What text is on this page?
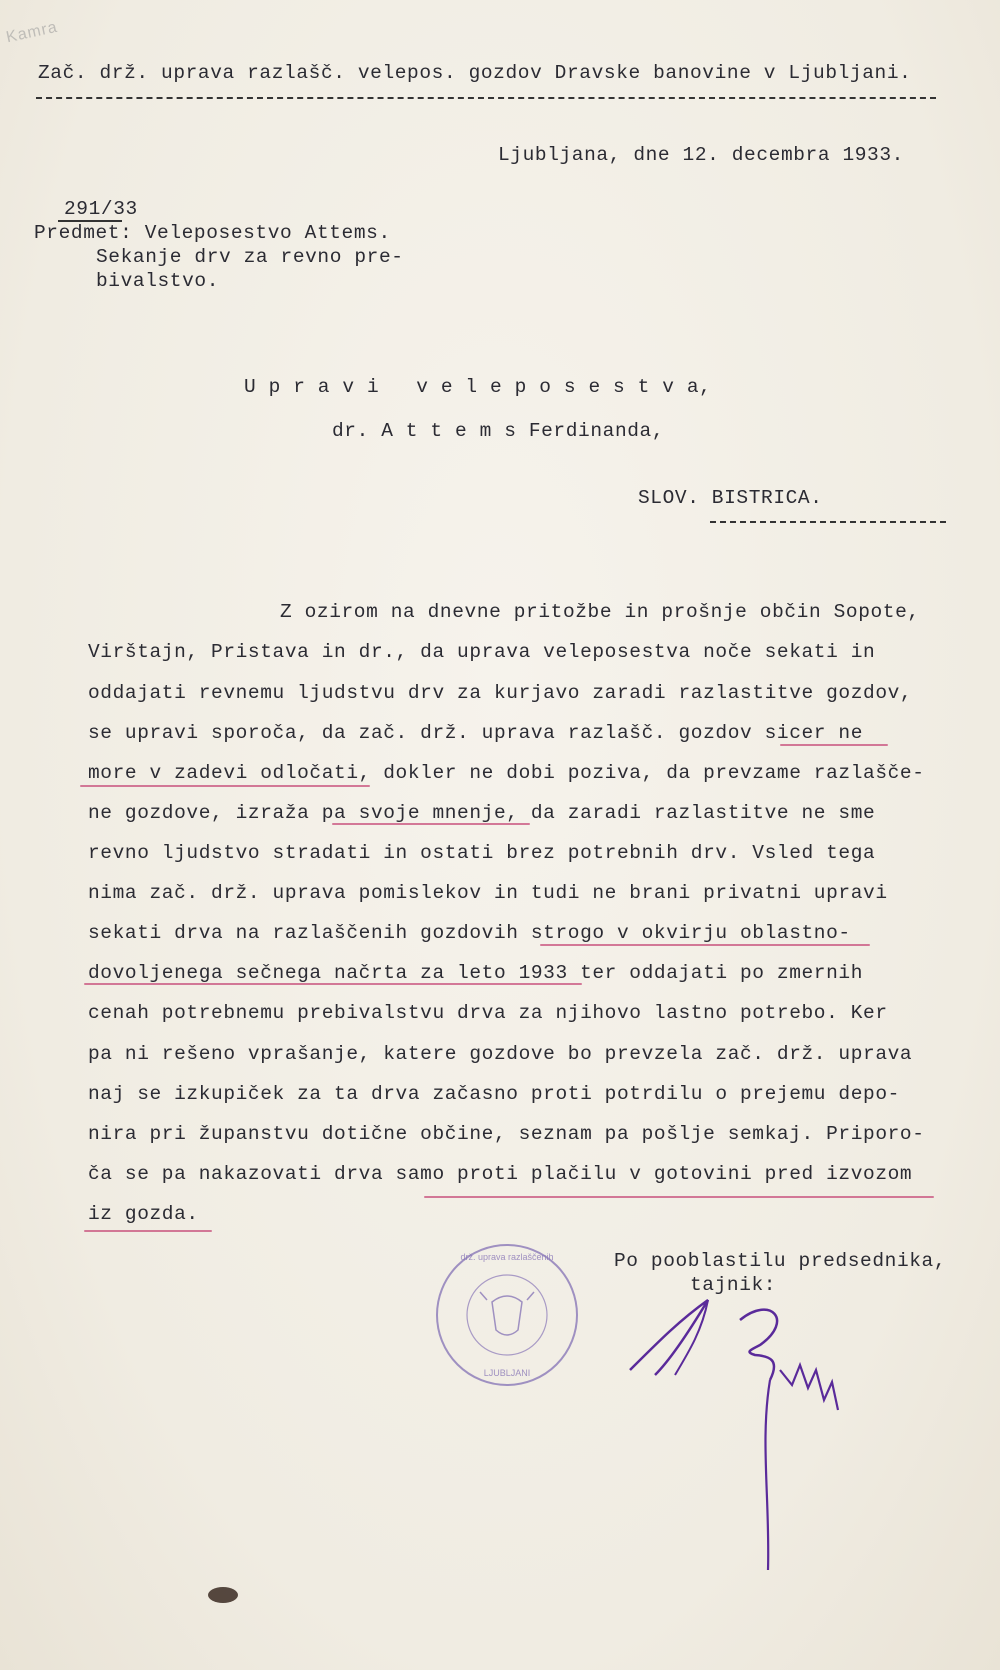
Kamra
Zač. drž. uprava razlašč. velepos. gozdov Dravske banovine v Ljubljani.
Ljubljana, dne 12. decembra 1933.
291/33
Predmet: Veleposestvo Attems.
Sekanje drv za revno pre-
bivalstvo.
U p r a v i   v e l e p o s e s t v a,
dr. A t t e m s Ferdinanda,
SLOV. BISTRICA.
Z ozirom na dnevne pritožbe in prošnje občin Sopote,
Virštajn, Pristava in dr., da uprava veleposestva noče sekati in
oddajati revnemu ljudstvu drv za kurjavo zaradi razlastitve gozdov,
se upravi sporoča, da zač. drž. uprava razlašč. gozdov sicer ne
more v zadevi odločati, dokler ne dobi poziva, da prevzame razlašče-
ne gozdove, izraža pa svoje mnenje, da zaradi razlastitve ne sme
revno ljudstvo stradati in ostati brez potrebnih drv. Vsled tega
nima zač. drž. uprava pomislekov in tudi ne brani privatni upravi
sekati drva na razlaščenih gozdovih strogo v okvirju oblastno-
dovoljenega sečnega načrta za leto 1933 ter oddajati po zmernih
cenah potrebnemu prebivalstvu drva za njihovo lastno potrebo. Ker
pa ni rešeno vprašanje, katere gozdove bo prevzela zač. drž. uprava
naj se izkupiček za ta drva začasno proti potrdilu o prejemu depo-
nira pri županstvu dotične občine, seznam pa pošlje semkaj. Priporo-
ča se pa nakazovati drva samo proti plačilu v gotovini pred izvozom
iz gozda.
Po pooblastilu predsednika,
tajnik:
drž. uprava razlaščenih
LJUBLJANI
